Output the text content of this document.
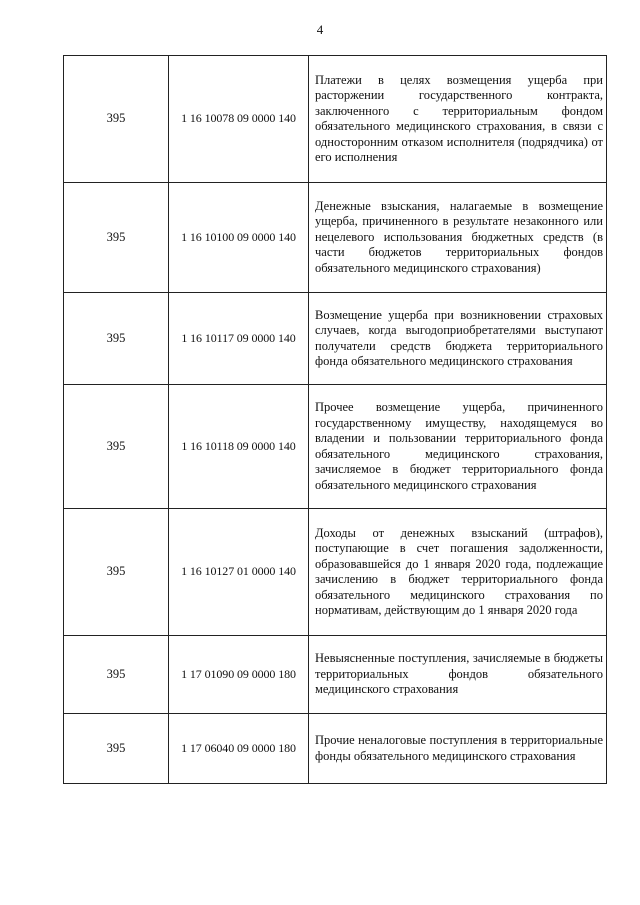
4
395	1 16 10078 09 0000 140	Платежи в целях возмещения ущерба при расторжении государственного контракта, заключенного с территориальным фондом обязательного медицинского страхования, в связи с односторонним отказом исполнителя (подрядчика) от его исполнения
395	1 16 10100 09 0000 140	Денежные взыскания, налагаемые в возмещение ущерба, причиненного в результате незаконного или нецелевого использования бюджетных средств (в части бюджетов территориальных фондов обязательного медицинского страхования)
395	1 16 10117 09 0000 140	Возмещение ущерба при возникновении страховых случаев, когда выгодоприобретателями выступают получатели средств бюджета территориального фонда обязательного медицинского страхования
395	1 16 10118 09 0000 140	Прочее возмещение ущерба, причиненного государственному имуществу, находящемуся во владении и пользовании территориального фонда обязательного медицинского страхования, зачисляемое в бюджет территориального фонда обязательного медицинского страхования
395	1 16 10127 01 0000 140	Доходы от денежных взысканий (штрафов), поступающие в счет погашения задолженности, образовавшейся до 1 января 2020 года, подлежащие зачислению в бюджет территориального фонда обязательного медицинского страхования по нормативам, действующим до 1 января 2020 года
395	1 17 01090 09 0000 180	Невыясненные поступления, зачисляемые в бюджеты территориальных фондов обязательного медицинского страхования
395	1 17 06040 09 0000 180	Прочие неналоговые поступления в территориальные фонды обязательного медицинского страхования
